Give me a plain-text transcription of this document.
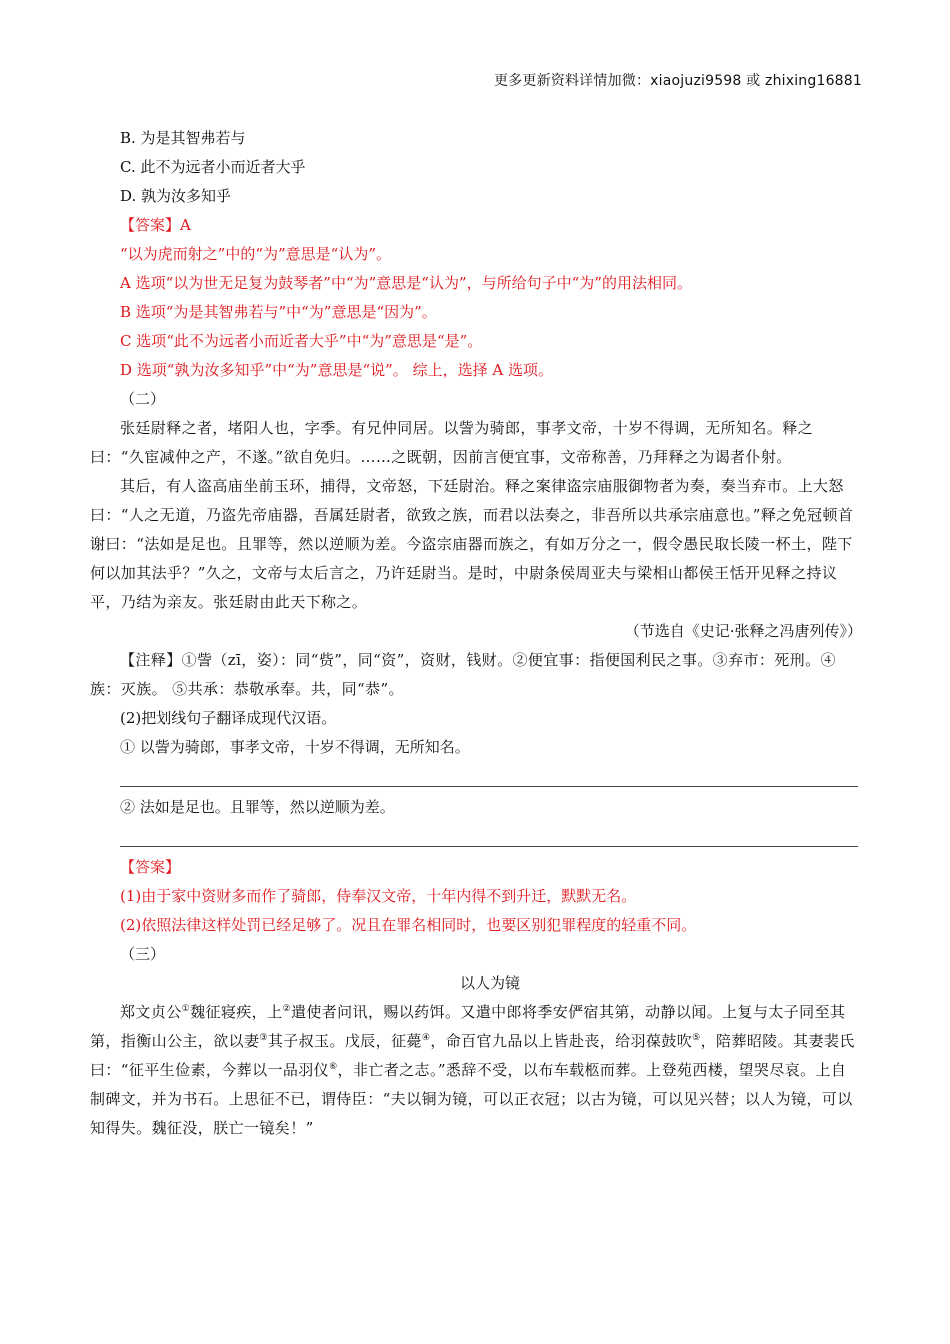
更多更新资料详情加微：xiaojuzi9598 或 zhixing16881
B. 为是其智弗若与
C. 此不为远者小而近者大乎
D. 孰为汝多知乎
【答案】A
“以为虎而射之”中的“为”意思是“认为”。
A 选项“以为世无足复为鼓琴者”中“为”意思是“认为”，与所给句子中“为”的用法相同。
B 选项“为是其智弗若与”中“为”意思是“因为”。
C 选项“此不为远者小而近者大乎”中“为”意思是“是”。
D 选项“孰为汝多知乎”中“为”意思是“说”。 综上，选择 A 选项。
（二）
张廷尉释之者，堵阳人也，字季。有兄仲同居。以訾为骑郎，事孝文帝，十岁不得调，无所知名。释之曰：“久宦减仲之产，不遂。”欲自免归。……之既朝，因前言便宜事，文帝称善，乃拜释之为谒者仆射。
其后，有人盗高庙坐前玉环，捕得，文帝怒，下廷尉治。释之案律盗宗庙服御物者为奏，奏当弃市。上大怒曰：“人之无道，乃盗先帝庙器，吾属廷尉者，欲致之族，而君以法奏之，非吾所以共承宗庙意也。”释之免冠顿首谢曰：“法如是足也。且罪等，然以逆顺为差。今盗宗庙器而族之，有如万分之一，假令愚民取长陵一杯土，陛下何以加其法乎？”久之，文帝与太后言之，乃许廷尉当。是时，中尉条侯周亚夫与梁相山都侯王恬开见释之持议平，乃结为亲友。张廷尉由此天下称之。
（节选自《史记·张释之冯唐列传》）
【注释】①訾（zī，姿）：同“赀”，同“资”，资财，钱财。②便宜事：指便国利民之事。③弃市：死刑。④族：灭族。 ⑤共承：恭敬承奉。共，同“恭”。
(2)把划线句子翻译成现代汉语。
① 以訾为骑郎，事孝文帝，十岁不得调，无所知名。
② 法如是足也。且罪等，然以逆顺为差。
【答案】
(1)由于家中资财多而作了骑郎，侍奉汉文帝，十年内得不到升迁，默默无名。
(2)依照法律这样处罚已经足够了。况且在罪名相同时，也要区别犯罪程度的轻重不同。
（三）
以人为镜
郑文贞公①魏征寝疾，上②遣使者问讯，赐以药饵。又遣中郎将季安俨宿其第，动静以闻。上复与太子同至其第，指衡山公主，欲以妻③其子叔玉。戊辰，征薨④，命百官九品以上皆赴丧，给羽葆鼓吹⑤，陪葬昭陵。其妻裴氏曰：“征平生俭素，今葬以一品羽仪⑥，非亡者之志。”悉辞不受，以布车载柩而葬。上登苑西楼，望哭尽哀。上自制碑文，并为书石。上思征不已，谓侍臣：“夫以铜为镜，可以正衣冠；以古为镜，可以见兴替；以人为镜，可以知得失。魏征没，朕亡一镜矣！”
